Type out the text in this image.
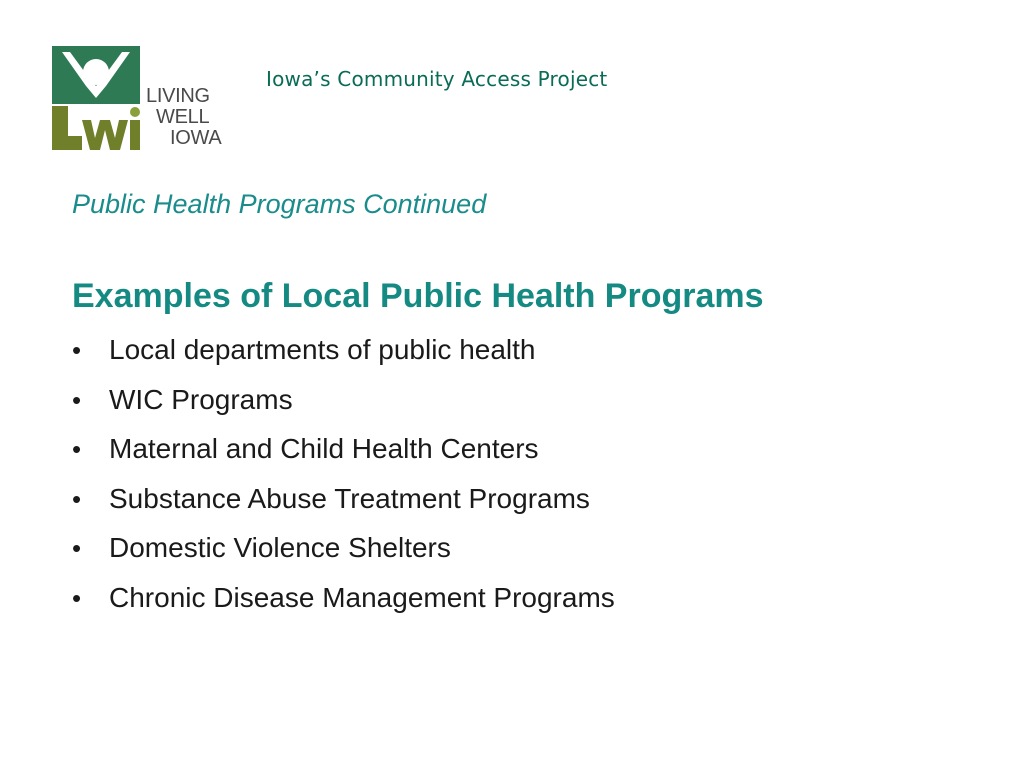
LIVING
WELL
IOWA
Iowa’s Community Access Project
Public Health Programs Continued
Examples of Local Public Health Programs
• Local departments of public health
• WIC Programs
• Maternal and Child Health Centers
• Substance Abuse Treatment Programs
• Domestic Violence Shelters
• Chronic Disease Management Programs
